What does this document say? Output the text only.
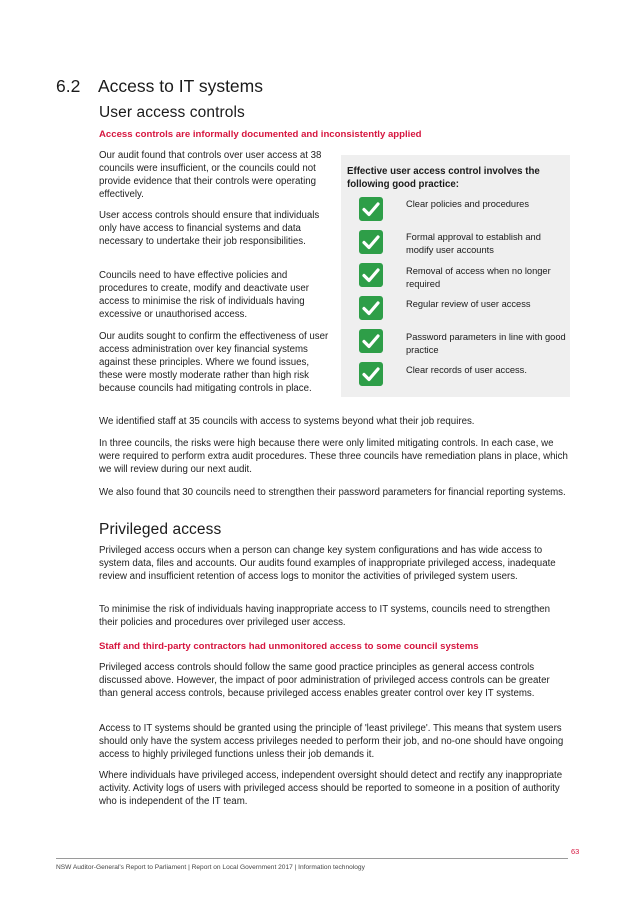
6.2 Access to IT systems
User access controls
Access controls are informally documented and inconsistently applied

Our audit found that controls over user access at 38 councils were insufficient, or the councils could not provide evidence that their controls were operating effectively.

User access controls should ensure that individuals only have access to financial systems and data necessary to undertake their job responsibilities.

Councils need to have effective policies and procedures to create, modify and deactivate user access to minimise the risk of individuals having excessive or unauthorised access.

Our audits sought to confirm the effectiveness of user access administration over key financial systems against these principles. Where we found issues, these were mostly moderate rather than high risk because councils had mitigating controls in place.

Effective user access control involves the following good practice:
Clear policies and procedures
Formal approval to establish and modify user accounts
Removal of access when no longer required
Regular review of user access
Password parameters in line with good practice
Clear records of user access.

We identified staff at 35 councils with access to systems beyond what their job requires.

In three councils, the risks were high because there were only limited mitigating controls. In each case, we were required to perform extra audit procedures. These three councils have remediation plans in place, which we will review during our next audit.

We also found that 30 councils need to strengthen their password parameters for financial reporting systems.

Privileged access

Privileged access occurs when a person can change key system configurations and has wide access to system data, files and accounts. Our audits found examples of inappropriate privileged access, inadequate review and insufficient retention of access logs to monitor the activities of privileged system users.

To minimise the risk of individuals having inappropriate access to IT systems, councils need to strengthen their policies and procedures over privileged user access.

Staff and third-party contractors had unmonitored access to some council systems

Privileged access controls should follow the same good practice principles as general access controls discussed above. However, the impact of poor administration of privileged access controls can be greater than general access controls, because privileged access enables greater control over key IT systems.

Access to IT systems should be granted using the principle of 'least privilege'. This means that system users should only have the system access privileges needed to perform their job, and no-one should have ongoing access to highly privileged functions unless their job demands it.

Where individuals have privileged access, independent oversight should detect and rectify any inappropriate activity. Activity logs of users with privileged access should be reported to someone in a position of authority who is independent of the IT team.

63
NSW Auditor-General's Report to Parliament | Report on Local Government 2017 | Information technology
